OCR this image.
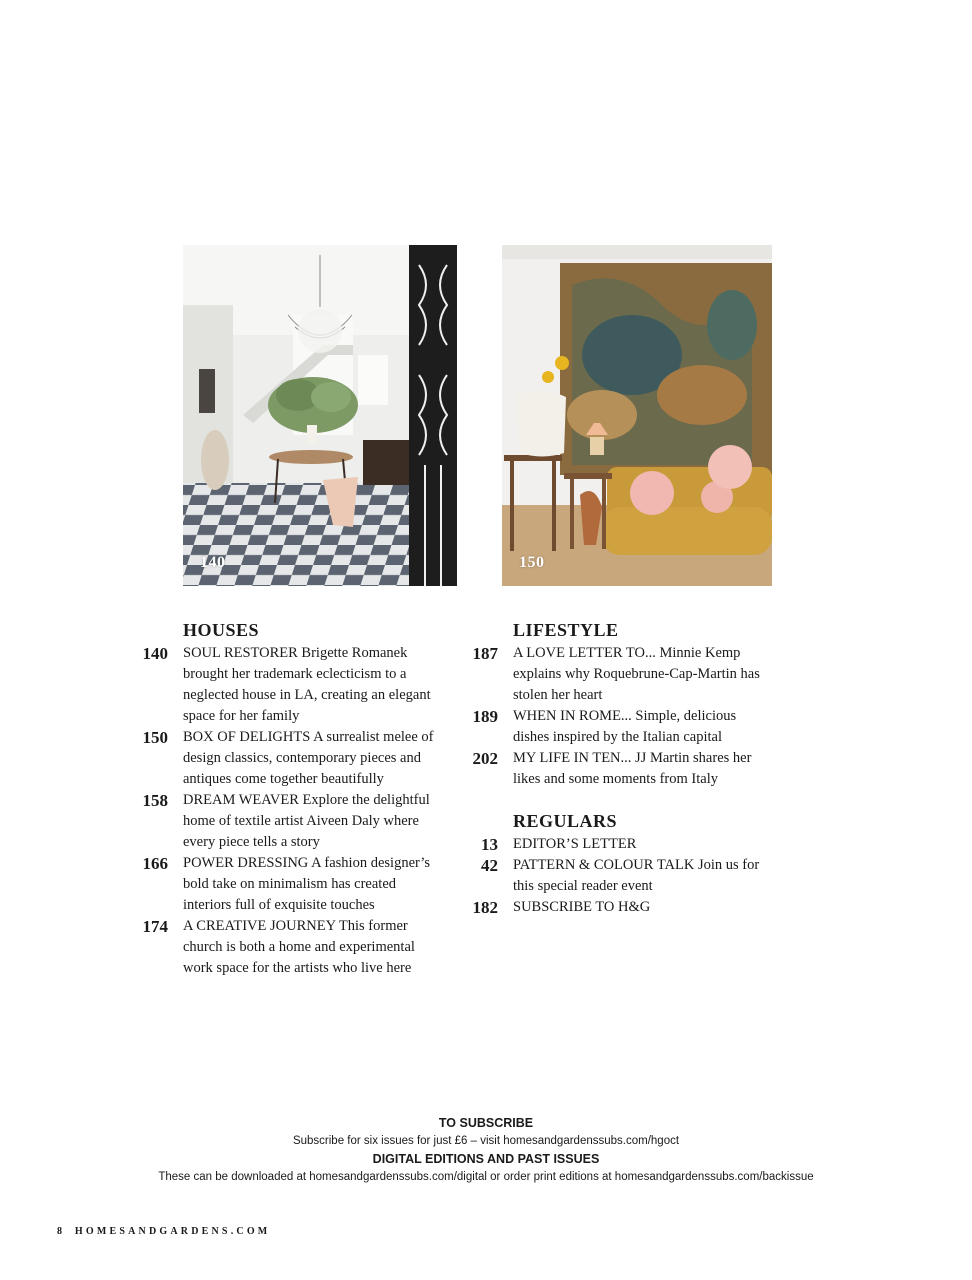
140	150
HOUSES
140	SOUL RESTORER Brigette Romanek brought her trademark eclecticism to a neglected house in LA, creating an elegant space for her family
150	BOX OF DELIGHTS A surrealist melee of design classics, contemporary pieces and antiques come together beautifully
158	DREAM WEAVER Explore the delightful home of textile artist Aiveen Daly where every piece tells a story
166	POWER DRESSING A fashion designer’s bold take on minimalism has created interiors full of exquisite touches
174	A CREATIVE JOURNEY This former church is both a home and experimental work space for the artists who live here
LIFESTYLE
187	A LOVE LETTER TO... Minnie Kemp explains why Roquebrune-Cap-Martin has stolen her heart
189	WHEN IN ROME... Simple, delicious dishes inspired by the Italian capital
202	MY LIFE IN TEN... JJ Martin shares her likes and some moments from Italy
REGULARS
13	EDITOR’S LETTER
42	PATTERN & COLOUR TALK Join us for this special reader event
182	SUBSCRIBE TO H&G
TO SUBSCRIBE
Subscribe for six issues for just £6 – visit homesandgardenssubs.com/hgoct
DIGITAL EDITIONS AND PAST ISSUES
These can be downloaded at homesandgardenssubs.com/digital or order print editions at homesandgardenssubs.com/backissue
8 HOMESANDGARDENS.COM
